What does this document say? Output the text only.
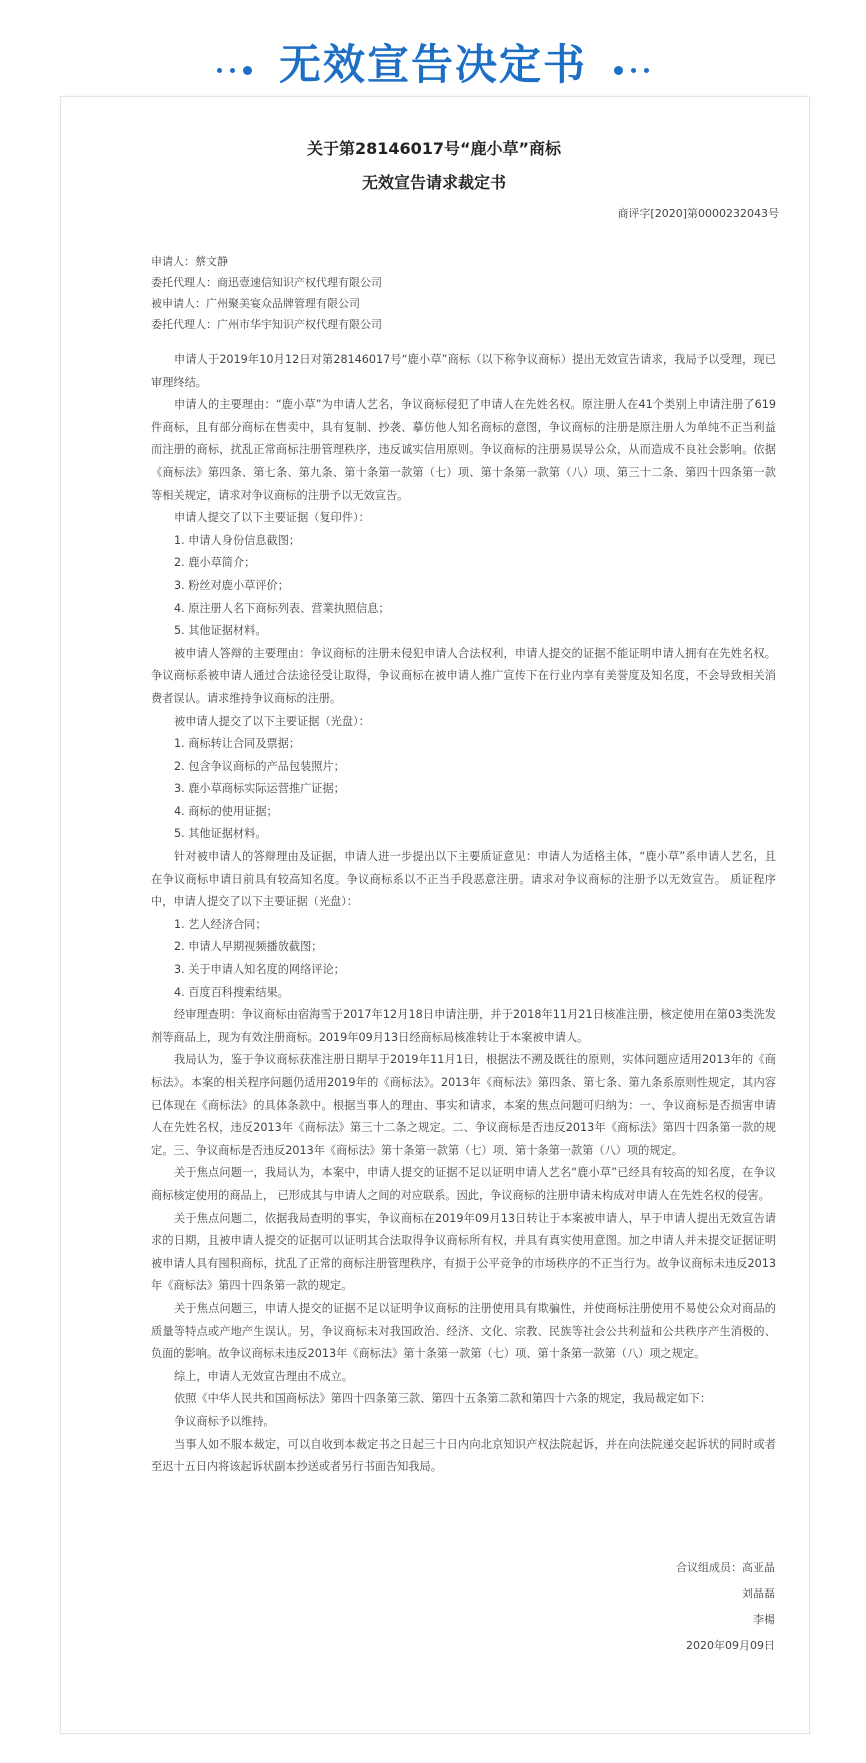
无效宣告决定书
关于第28146017号“鹿小草”商标
无效宣告请求裁定书
商评字[2020]第0000232043号
申请人：蔡文静
委托代理人：商迅壹速信知识产权代理有限公司
被申请人：广州聚美宴众品牌管理有限公司
委托代理人：广州市华宇知识产权代理有限公司

申请人于2019年10月12日对第28146017号“鹿小草”商标（以下称争议商标）提出无效宣告请求，我局予以受理，现已审理终结。

申请人的主要理由：“鹿小草”为申请人艺名，争议商标侵犯了申请人在先姓名权。原注册人在41个类别上申请注册了619件商标，且有部分商标在售卖中，具有复制、抄袭、摹仿他人知名商标的意图，争议商标的注册是原注册人为单纯不正当利益而注册的商标，扰乱正常商标注册管理秩序，违反诚实信用原则。争议商标的注册易误导公众，从而造成不良社会影响。依据《商标法》第四条、第七条、第九条、第十条第一款第（七）项、第十条第一款第（八）项、第三十二条、第四十四条第一款等相关规定，请求对争议商标的注册予以无效宣告。

申请人提交了以下主要证据（复印件）：

1. 申请人身份信息截图；

2. 鹿小草简介；

3. 粉丝对鹿小草评价；

4. 原注册人名下商标列表、营業执照信息；

5. 其他证据材料。

被申请人答辩的主要理由：争议商标的注册未侵犯申请人合法权利，申请人提交的证据不能证明申请人拥有在先姓名权。争议商标系被申请人通过合法途径受让取得，争议商标在被申请人推广宣传下在行业内享有美誉度及知名度，不会导致相关消费者误认。请求维持争议商标的注册。

被申请人提交了以下主要证据（光盘）：

1. 商标转让合同及票据；

2. 包含争议商标的产品包装照片；

3. 鹿小草商标实际运营推广证据；

4. 商标的使用证据；

5. 其他证据材料。

针对被申请人的答辩理由及证据，申请人进一步提出以下主要质证意见：申请人为适格主体，“鹿小草”系申请人艺名，且在争议商标申请日前具有较高知名度。争议商标系以不正当手段恶意注册。请求对争议商标的注册予以无效宣告。 质证程序中，申请人提交了以下主要证据（光盘）：

1. 艺人经济合同；

2. 申请人早期视频播放截图；

3. 关于申请人知名度的网络评论；

4. 百度百科搜索结果。

经审理查明：争议商标由宿海雪于2017年12月18日申请注册，并于2018年11月21日核准注册，核定使用在第03类洗发剂等商品上，现为有效注册商标。2019年09月13日经商标局核准转让于本案被申请人。

我局认为，鉴于争议商标获准注册日期早于2019年11月1日，根据法不溯及既往的原则，实体问题应适用2013年的《商标法》。本案的相关程序问题仍适用2019年的《商标法》。2013年《商标法》第四条、第七条、第九条系原则性规定，其内容已体现在《商标法》的具体条款中。根据当事人的理由、事实和请求，本案的焦点问题可归纳为：一、争议商标是否损害申请人在先姓名权，违反2013年《商标法》第三十二条之规定。二、争议商标是否违反2013年《商标法》第四十四条第一款的规定。三、争议商标是否违反2013年《商标法》第十条第一款第（七）项、第十条第一款第（八）项的规定。

关于焦点问题一，我局认为，本案中，申请人提交的证据不足以证明申请人艺名“鹿小草”已经具有较高的知名度，在争议商标核定使用的商品上， 已形成其与申请人之间的对应联系。因此，争议商标的注册申请未构成对申请人在先姓名权的侵害。

关于焦点问题二，依据我局查明的事实，争议商标在2019年09月13日转让于本案被申请人，早于申请人提出无效宣告请求的日期，且被申请人提交的证据可以证明其合法取得争议商标所有权，并具有真实使用意图。加之申请人并未提交证据证明被申请人具有囤积商标，扰乱了正常的商标注册管理秩序，有损于公平竞争的市场秩序的不正当行为。故争议商标未违反2013年《商标法》第四十四条第一款的规定。

关于焦点问题三，申请人提交的证据不足以证明争议商标的注册使用具有欺骗性，并使商标注册使用不易使公众对商品的质量等特点或产地产生误认。另，争议商标未对我国政治、经济、文化、宗教、民族等社会公共利益和公共秩序产生消极的、负面的影响。故争议商标未违反2013年《商标法》第十条第一款第（七）项、第十条第一款第（八）项之规定。

综上，申请人无效宣告理由不成立。

依照《中华人民共和国商标法》第四十四条第三款、第四十五条第二款和第四十六条的规定，我局裁定如下：

争议商标予以维持。

当事人如不服本裁定，可以自收到本裁定书之日起三十日内向北京知识产权法院起诉，并在向法院递交起诉状的同时或者至迟十五日内将该起诉状副本抄送或者另行书面告知我局。

合议组成员：高亚晶
刘晶磊
李楊
2020年09月09日
